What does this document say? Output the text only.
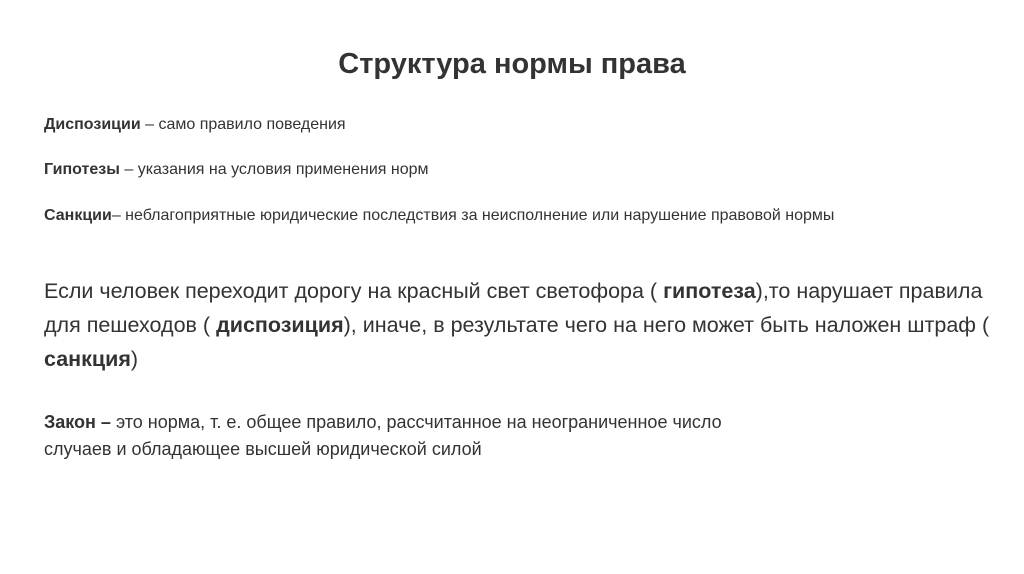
Структура нормы права
Диспозиции – само правило поведения
Гипотезы – указания на условия применения норм
Санкции– неблагоприятные юридические последствия за неисполнение или нарушение правовой нормы
Если человек переходит дорогу на красный свет светофора ( гипотеза),то нарушает правила для пешеходов ( диспозиция), иначе, в результате чего на него может быть наложен штраф ( санкция)
Закон – это норма, т. е. общее правило, рассчитанное на неограниченное число случаев и обладающее высшей юридической силой
